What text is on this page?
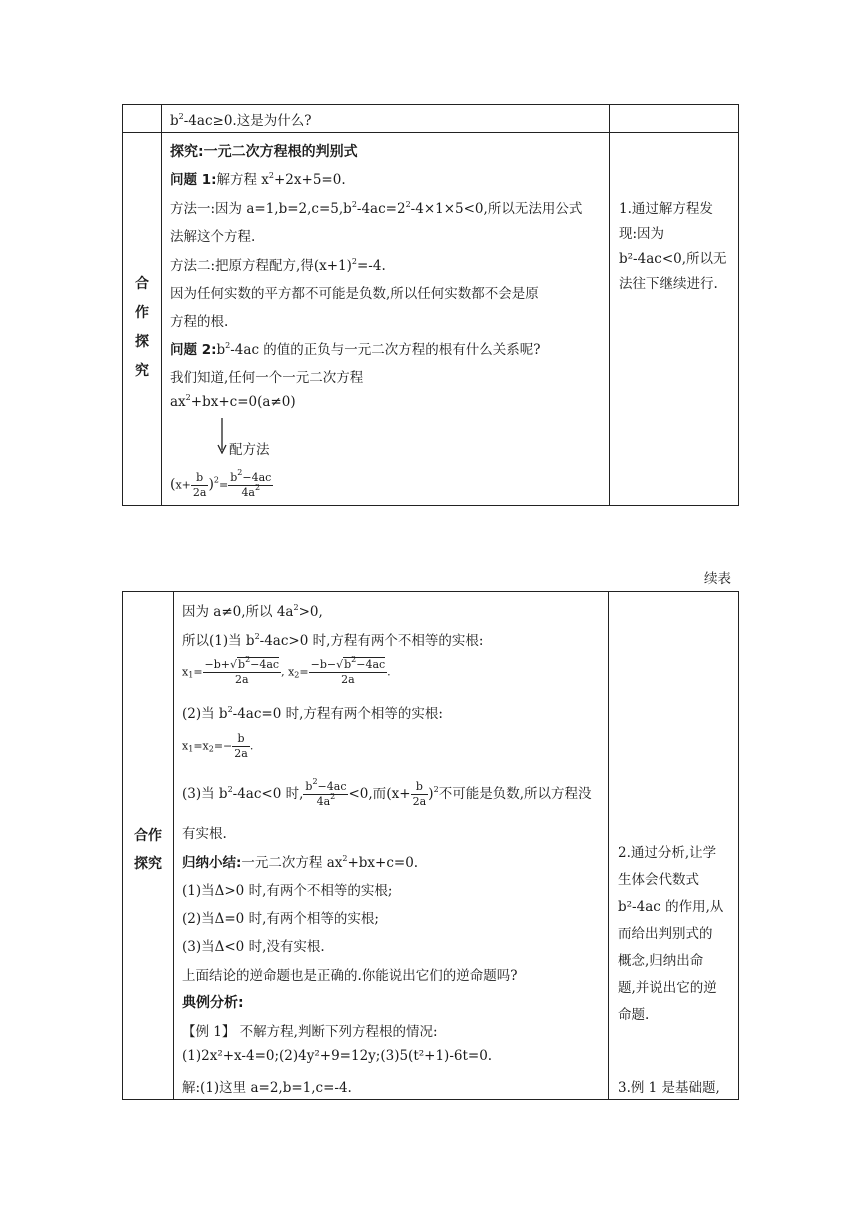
$b^2-4ac\ge 0$.这是为什么?
合
作
探
究
探究:一元二次方程根的判别式
问题 1:解方程 $x^2+2x+5=0$.
方法一:因为 $a=1,b=2,c=5,b^2-4ac=2^2-4\times 1\times 5<0$,所以无法用公式
法解这个方程.
方法二:把原方程配方,得$(x+1)^2=-4$.
因为任何实数的平方都不可能是负数,所以任何实数都不会是原
方程的根.
问题 $2:b^2-4ac$ 的值的正负与一元二次方程的根有什么关系呢?
我们知道,任何一个一元二次方程
$ax^2+bx+c=0(a\ne 0)$
配方法
$(x+ \frac{b}{2a} )^2= \frac{b^2-4ac}{4a^2}$
1.通过解方程发
现:因为
b²-4ac<0,所以无
法往下继续进行.
续表
合作
探究
因为 a≠0,所以 $4a^2>0$,
所以(1)当 $b^2-4ac>0$ 时,方程有两个不相等的实根:
$x_1= \frac{-b+√b^2-4ac}{2a}$ , $x_2= \frac{-b-√b^2-4ac}{2a}$ .
(2)当 $b^2-4ac=0$ 时,方程有两个相等的实根:
$x_1=x_2=- \frac{b}{2a}$ .
(3)当 $b^2-4ac<0$ 时, $\frac{b^2-4ac}{4a^2} <0$,而$(x+ \frac{b}{2a} )^2$不可能是负数,所以方程没
有实根.
归纳小结:一元二次方程 $ax^2+bx+c=0$.
(1)当Δ>0 时,有两个不相等的实根;
(2)当Δ=0 时,有两个相等的实根;
(3)当Δ<0 时,没有实根.
上面结论的逆命题也是正确的.你能说出它们的逆命题吗?
典例分析:
【例 1】 不解方程,判断下列方程根的情况:
(1)2x²+x-4=0;(2)4y²+9=12y;(3)5(t²+1)-6t=0.
解:(1)这里 a=2,b=1,c=-4.
2.通过分析,让学
生体会代数式
b²-4ac 的作用,从
而给出判别式的
概念,归纳出命
题,并说出它的逆
命题.
3.例 1 是基础题,
